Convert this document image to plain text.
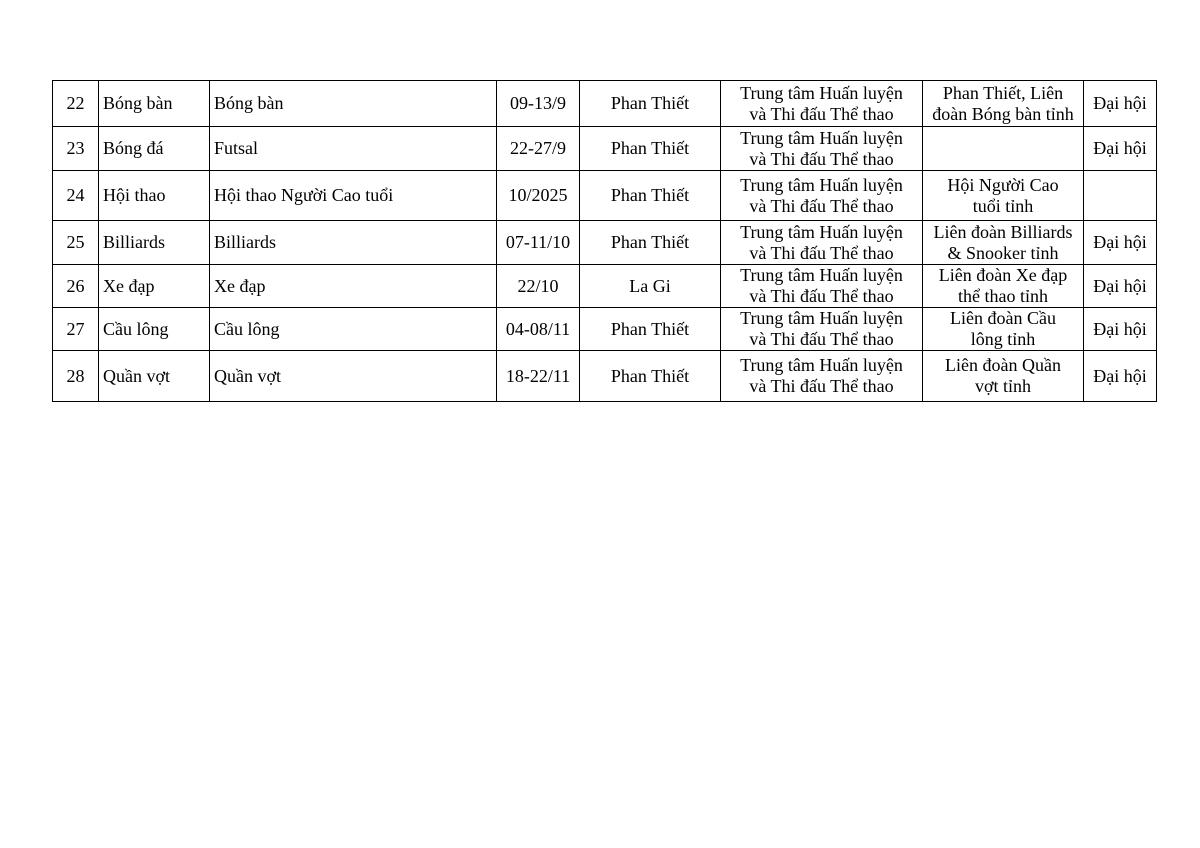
22	Bóng bàn	Bóng bàn	09-13/9	Phan Thiết	Trung tâm Huấn luyện
và Thi đấu Thể thao	Phan Thiết, Liên
đoàn Bóng bàn tỉnh	Đại hội
23	Bóng đá	Futsal	22-27/9	Phan Thiết	Trung tâm Huấn luyện
và Thi đấu Thể thao		Đại hội
24	Hội thao	Hội thao Người Cao tuổi	10/2025	Phan Thiết	Trung tâm Huấn luyện
và Thi đấu Thể thao	Hội Người Cao
tuổi tỉnh	
25	Billiards	Billiards	07-11/10	Phan Thiết	Trung tâm Huấn luyện
và Thi đấu Thể thao	Liên đoàn Billiards
& Snooker tỉnh	Đại hội
26	Xe đạp	Xe đạp	22/10	La Gi	Trung tâm Huấn luyện
và Thi đấu Thể thao	Liên đoàn Xe đạp
thể thao tỉnh	Đại hội
27	Cầu lông	Cầu lông	04-08/11	Phan Thiết	Trung tâm Huấn luyện
và Thi đấu Thể thao	Liên đoàn Cầu
lông tỉnh	Đại hội
28	Quần vợt	Quần vợt	18-22/11	Phan Thiết	Trung tâm Huấn luyện
và Thi đấu Thể thao	Liên đoàn Quần
vợt tỉnh	Đại hội
